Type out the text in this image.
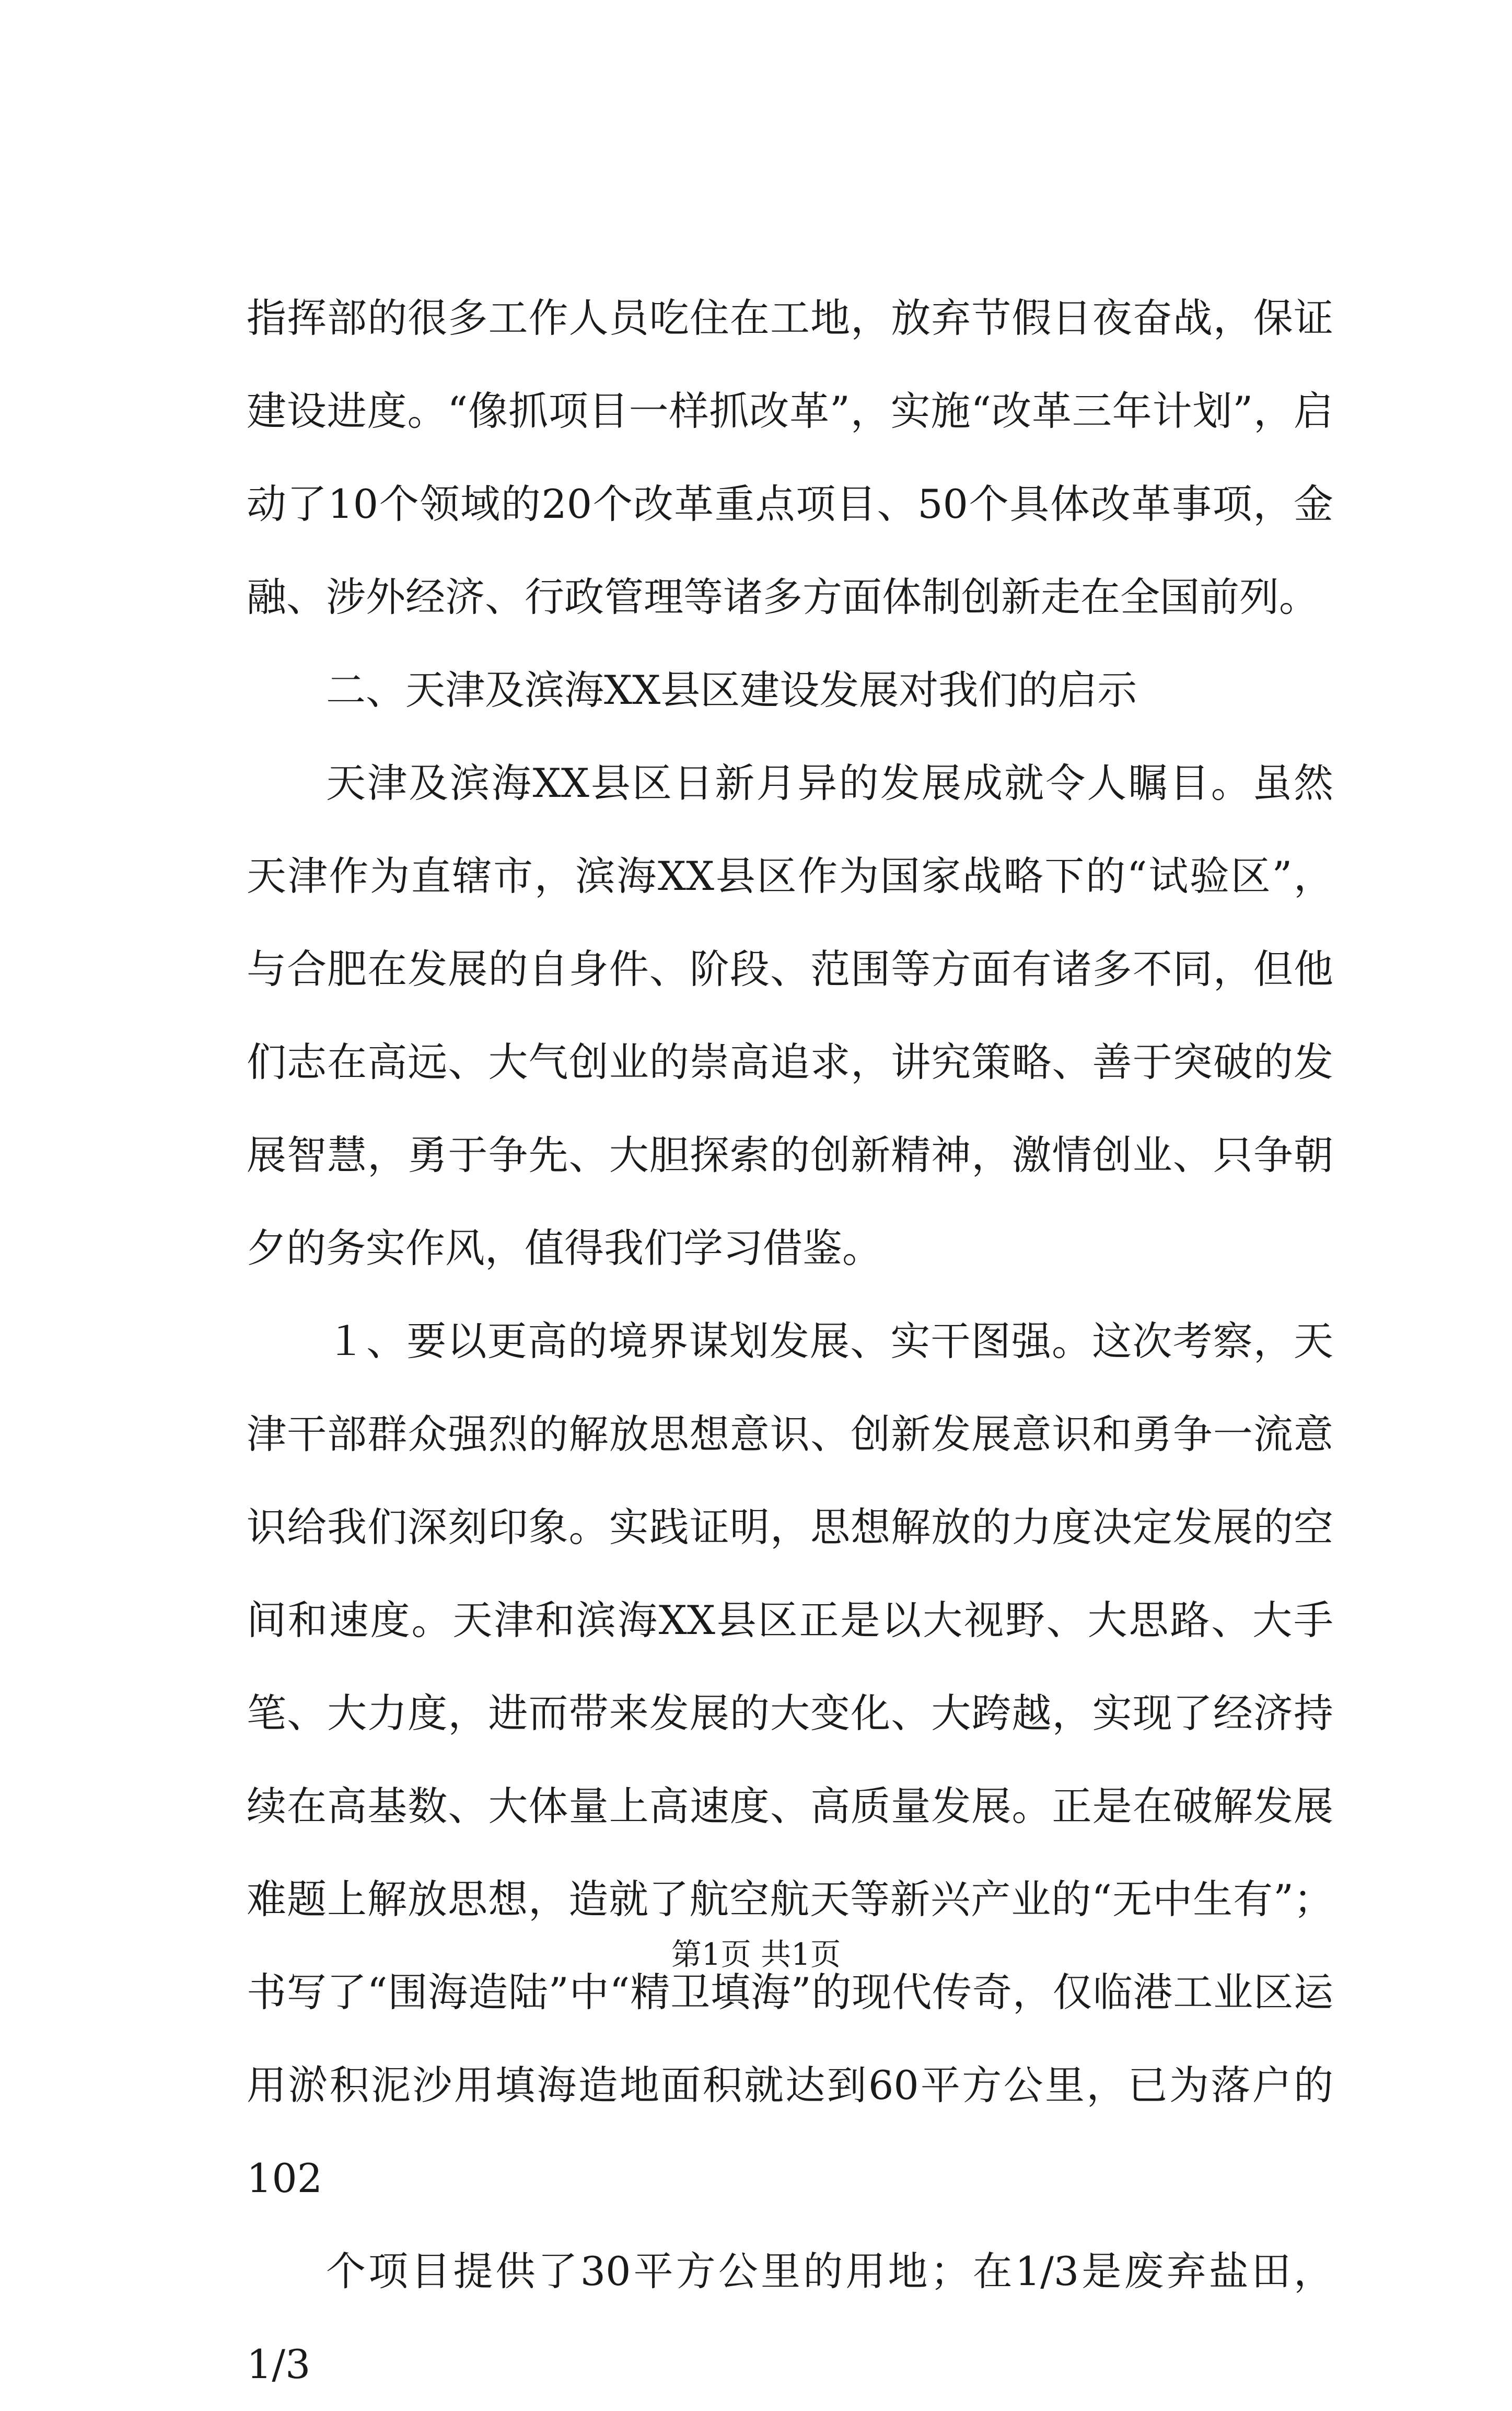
指挥部的很多工作人员吃住在工地，放弃节假日夜奋战，保证建设进度。“像抓项目一样抓改革”，实施“改革三年计划”，启动了10个领域的20个改革重点项目、50个具体改革事项，金融、涉外经济、行政管理等诸多方面体制创新走在全国前列。

二、天津及滨海XX县区建设发展对我们的启示

天津及滨海XX县区日新月异的发展成就令人瞩目。虽然天津作为直辖市，滨海XX县区作为国家战略下的“试验区”，与合肥在发展的自身件、阶段、范围等方面有诸多不同，但他们志在高远、大气创业的崇高追求，讲究策略、善于突破的发展智慧，勇于争先、大胆探索的创新精神，激情创业、只争朝夕的务实作风，值得我们学习借鉴。

１、要以更高的境界谋划发展、实干图强。这次考察，天津干部群众强烈的解放思想意识、创新发展意识和勇争一流意识给我们深刻印象。实践证明，思想解放的力度决定发展的空间和速度。天津和滨海XX县区正是以大视野、大思路、大手笔、大力度，进而带来发展的大变化、大跨越，实现了经济持续在高基数、大体量上高速度、高质量发展。正是在破解发展难题上解放思想，造就了航空航天等新兴产业的“无中生有”；书写了“围海造陆”中“精卫填海”的现代传奇，仅临港工业区运用淤积泥沙用填海造地面积就达到60平方公里，已为落户的102

个项目提供了30平方公里的用地；在1/3是废弃盐田，1/3

第1页 共1页
